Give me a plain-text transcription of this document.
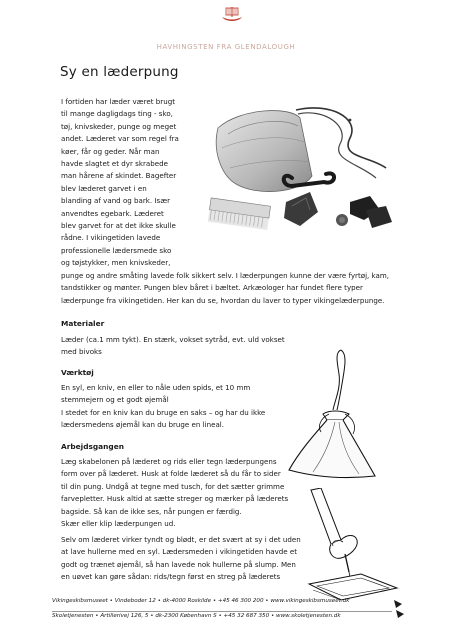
HAVHINGSTEN FRA GLENDALOUGH
Sy en læderpung
I fortiden har læder været brugt
til mange dagligdags ting - sko,
tøj, knivskeder, punge og meget
andet. Læderet var som regel fra
køer, får og geder. Når man
havde slagtet et dyr skrabede
man hårene af skindet. Bagefter
blev læderet garvet i en
blanding af vand og bark. Især
anvendtes egebark. Læderet
blev garvet for at det ikke skulle
rådne. I vikingetiden lavede
professionelle lædersmede sko
og tøjstykker, men knivskeder,
punge og andre småting lavede folk sikkert selv. I læderpungen kunne der være fyrtøj, kam,
tandstikker og mønter. Pungen blev båret i bæltet. Arkæologer har fundet flere typer
læderpunge fra vikingetiden. Her kan du se, hvordan du laver to typer vikingelæderpunge.
Materialer
Læder (ca.1 mm tykt). En stærk, vokset sytråd, evt. uld vokset
med bivoks
Værktøj
En syl, en kniv, en eller to nåle uden spids, et 10 mm
stemmejern og et godt øjemål
I stedet for en kniv kan du bruge en saks – og har du ikke
lædersmedens øjemål kan du bruge en lineal.
Arbejdsgangen
Læg skabelonen på læderet og rids eller tegn læderpungens
form over på læderet. Husk at folde læderet så du får to sider
til din pung. Undgå at tegne med tusch, for det sætter grimme
farvepletter. Husk altid at sætte streger og mærker på læderets
bagside. Så kan de ikke ses, når pungen er færdig.
Skær eller klip læderpungen ud.
Selv om læderet virker tyndt og blødt, er det svært at sy i det uden
at lave hullerne med en syl. Lædersmeden i vikingetiden havde et
godt og trænet øjemål, så han lavede nok hullerne på slump. Men
en uøvet kan gøre sådan: rids/tegn først en streg på læderets
Vikingeskibsmuseet • Vindeboder 12 • dk-4000 Roskilde • +45 46 300 200 • www.vikingeskibsmuseet.dk
Skoletjenesten • Artillerivej 126, 5 • dk-2300 København S • +45 32 687 350 • www.skoletjenesten.dk
